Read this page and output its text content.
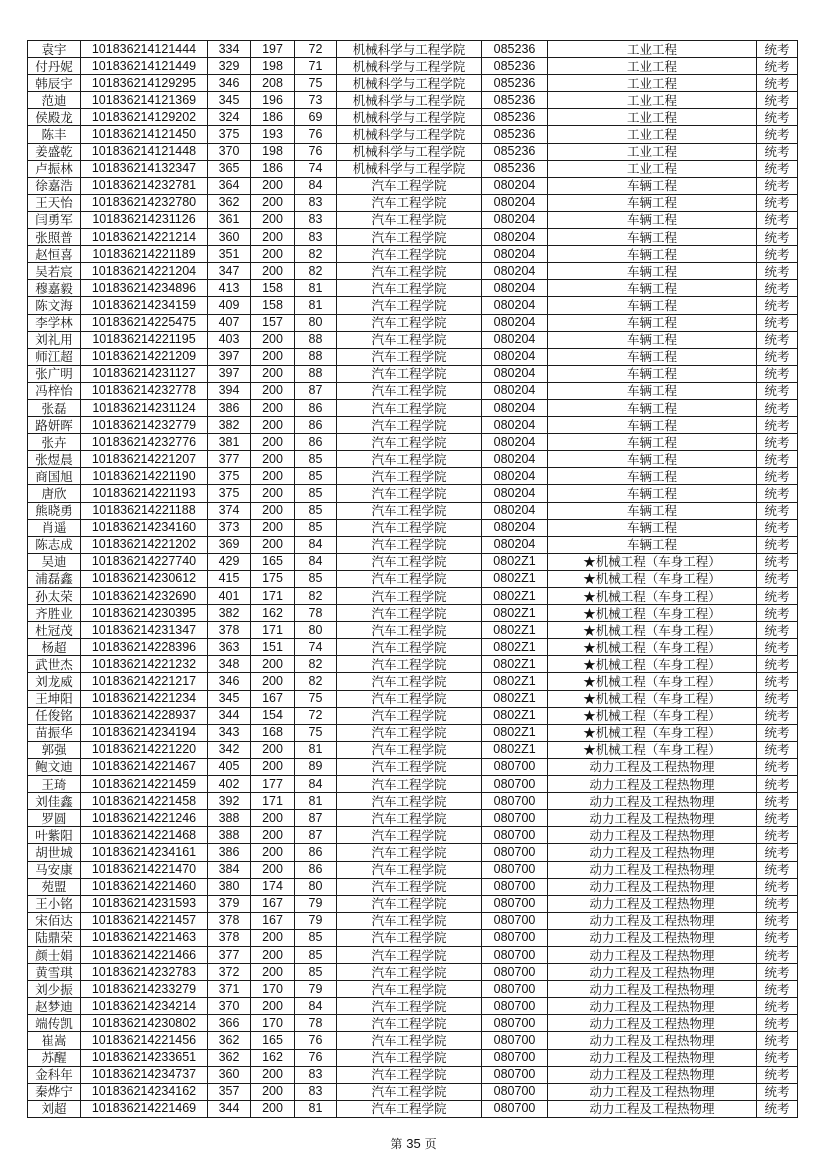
袁宇	101836214121444	334	197	72	机械科学与工程学院	085236	工业工程	统考
付丹妮	101836214121449	329	198	71	机械科学与工程学院	085236	工业工程	统考
韩辰宇	101836214129295	346	208	75	机械科学与工程学院	085236	工业工程	统考
范迪	101836214121369	345	196	73	机械科学与工程学院	085236	工业工程	统考
侯殿龙	101836214129202	324	186	69	机械科学与工程学院	085236	工业工程	统考
陈丰	101836214121450	375	193	76	机械科学与工程学院	085236	工业工程	统考
姜盛乾	101836214121448	370	198	76	机械科学与工程学院	085236	工业工程	统考
卢振林	101836214132347	365	186	74	机械科学与工程学院	085236	工业工程	统考
徐嘉浩	101836214232781	364	200	84	汽车工程学院	080204	车辆工程	统考
王天怡	101836214232780	362	200	83	汽车工程学院	080204	车辆工程	统考
闫勇军	101836214231126	361	200	83	汽车工程学院	080204	车辆工程	统考
张照普	101836214221214	360	200	83	汽车工程学院	080204	车辆工程	统考
赵恒喜	101836214221189	351	200	82	汽车工程学院	080204	车辆工程	统考
吴若宸	101836214221204	347	200	82	汽车工程学院	080204	车辆工程	统考
穆嘉毅	101836214234896	413	158	81	汽车工程学院	080204	车辆工程	统考
陈文海	101836214234159	409	158	81	汽车工程学院	080204	车辆工程	统考
李学林	101836214225475	407	157	80	汽车工程学院	080204	车辆工程	统考
刘礼用	101836214221195	403	200	88	汽车工程学院	080204	车辆工程	统考
师江超	101836214221209	397	200	88	汽车工程学院	080204	车辆工程	统考
张广明	101836214231127	397	200	88	汽车工程学院	080204	车辆工程	统考
冯梓怡	101836214232778	394	200	87	汽车工程学院	080204	车辆工程	统考
张磊	101836214231124	386	200	86	汽车工程学院	080204	车辆工程	统考
路妍晖	101836214232779	382	200	86	汽车工程学院	080204	车辆工程	统考
张卉	101836214232776	381	200	86	汽车工程学院	080204	车辆工程	统考
张煜晨	101836214221207	377	200	85	汽车工程学院	080204	车辆工程	统考
商国旭	101836214221190	375	200	85	汽车工程学院	080204	车辆工程	统考
唐欣	101836214221193	375	200	85	汽车工程学院	080204	车辆工程	统考
熊晓勇	101836214221188	374	200	85	汽车工程学院	080204	车辆工程	统考
肖遥	101836214234160	373	200	85	汽车工程学院	080204	车辆工程	统考
陈志成	101836214221202	369	200	84	汽车工程学院	080204	车辆工程	统考
吴迪	101836214227740	429	165	84	汽车工程学院	0802Z1	★机械工程（车身工程）	统考
浦磊鑫	101836214230612	415	175	85	汽车工程学院	0802Z1	★机械工程（车身工程）	统考
孙太荣	101836214232690	401	171	82	汽车工程学院	0802Z1	★机械工程（车身工程）	统考
齐胜业	101836214230395	382	162	78	汽车工程学院	0802Z1	★机械工程（车身工程）	统考
杜冠茂	101836214231347	378	171	80	汽车工程学院	0802Z1	★机械工程（车身工程）	统考
杨超	101836214228396	363	151	74	汽车工程学院	0802Z1	★机械工程（车身工程）	统考
武世杰	101836214221232	348	200	82	汽车工程学院	0802Z1	★机械工程（车身工程）	统考
刘龙威	101836214221217	346	200	82	汽车工程学院	0802Z1	★机械工程（车身工程）	统考
王坤阳	101836214221234	345	167	75	汽车工程学院	0802Z1	★机械工程（车身工程）	统考
任俊铭	101836214228937	344	154	72	汽车工程学院	0802Z1	★机械工程（车身工程）	统考
苗振华	101836214234194	343	168	75	汽车工程学院	0802Z1	★机械工程（车身工程）	统考
郭强	101836214221220	342	200	81	汽车工程学院	0802Z1	★机械工程（车身工程）	统考
鲍文迪	101836214221467	405	200	89	汽车工程学院	080700	动力工程及工程热物理	统考
王琦	101836214221459	402	177	84	汽车工程学院	080700	动力工程及工程热物理	统考
刘佳鑫	101836214221458	392	171	81	汽车工程学院	080700	动力工程及工程热物理	统考
罗圆	101836214221246	388	200	87	汽车工程学院	080700	动力工程及工程热物理	统考
叶紫阳	101836214221468	388	200	87	汽车工程学院	080700	动力工程及工程热物理	统考
胡世城	101836214234161	386	200	86	汽车工程学院	080700	动力工程及工程热物理	统考
马安康	101836214221470	384	200	86	汽车工程学院	080700	动力工程及工程热物理	统考
苑盟	101836214221460	380	174	80	汽车工程学院	080700	动力工程及工程热物理	统考
王小铭	101836214231593	379	167	79	汽车工程学院	080700	动力工程及工程热物理	统考
宋佰达	101836214221457	378	167	79	汽车工程学院	080700	动力工程及工程热物理	统考
陆鼎荣	101836214221463	378	200	85	汽车工程学院	080700	动力工程及工程热物理	统考
颜士娟	101836214221466	377	200	85	汽车工程学院	080700	动力工程及工程热物理	统考
黄雪琪	101836214232783	372	200	85	汽车工程学院	080700	动力工程及工程热物理	统考
刘少振	101836214233279	371	170	79	汽车工程学院	080700	动力工程及工程热物理	统考
赵梦迪	101836214234214	370	200	84	汽车工程学院	080700	动力工程及工程热物理	统考
端传凯	101836214230802	366	170	78	汽车工程学院	080700	动力工程及工程热物理	统考
崔嵩	101836214221456	362	165	76	汽车工程学院	080700	动力工程及工程热物理	统考
苏醒	101836214233651	362	162	76	汽车工程学院	080700	动力工程及工程热物理	统考
金科年	101836214234737	360	200	83	汽车工程学院	080700	动力工程及工程热物理	统考
秦烨宁	101836214234162	357	200	83	汽车工程学院	080700	动力工程及工程热物理	统考
刘超	101836214221469	344	200	81	汽车工程学院	080700	动力工程及工程热物理	统考
第 35 页
